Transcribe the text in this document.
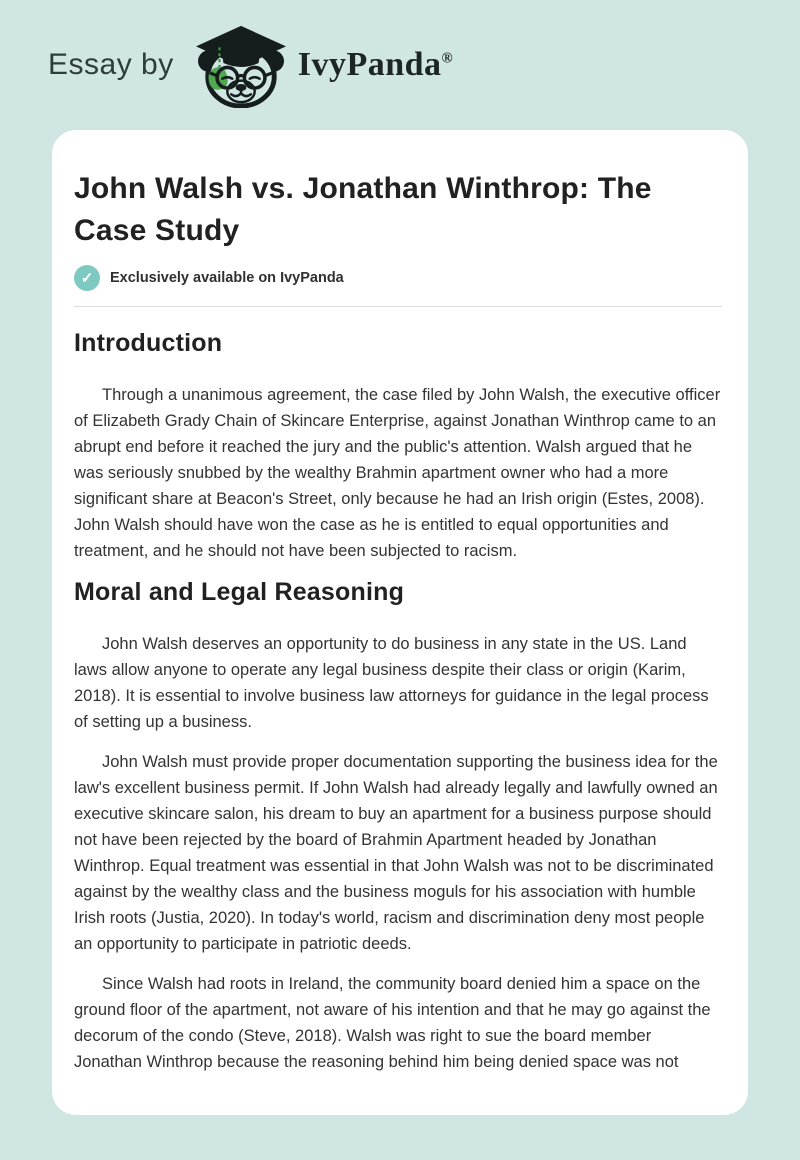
Essay by	IvyPanda®
John Walsh vs. Jonathan Winthrop: The Case Study
✓	Exclusively available on IvyPanda
Introduction

Through a unanimous agreement, the case filed by John Walsh, the executive officer of Elizabeth Grady Chain of Skincare Enterprise, against Jonathan Winthrop came to an abrupt end before it reached the jury and the public's attention. Walsh argued that he was seriously snubbed by the wealthy Brahmin apartment owner who had a more significant share at Beacon's Street, only because he had an Irish origin (Estes, 2008). John Walsh should have won the case as he is entitled to equal opportunities and treatment, and he should not have been subjected to racism.

Moral and Legal Reasoning

John Walsh deserves an opportunity to do business in any state in the US. Land laws allow anyone to operate any legal business despite their class or origin (Karim, 2018). It is essential to involve business law attorneys for guidance in the legal process of setting up a business.

John Walsh must provide proper documentation supporting the business idea for the law's excellent business permit. If John Walsh had already legally and lawfully owned an executive skincare salon, his dream to buy an apartment for a business purpose should not have been rejected by the board of Brahmin Apartment headed by Jonathan Winthrop. Equal treatment was essential in that John Walsh was not to be discriminated against by the wealthy class and the business moguls for his association with humble Irish roots (Justia, 2020). In today's world, racism and discrimination deny most people an opportunity to participate in patriotic deeds.

Since Walsh had roots in Ireland, the community board denied him a space on the ground floor of the apartment, not aware of his intention and that he may go against the decorum of the condo (Steve, 2018). Walsh was right to sue the board member Jonathan Winthrop because the reasoning behind him being denied space was not
